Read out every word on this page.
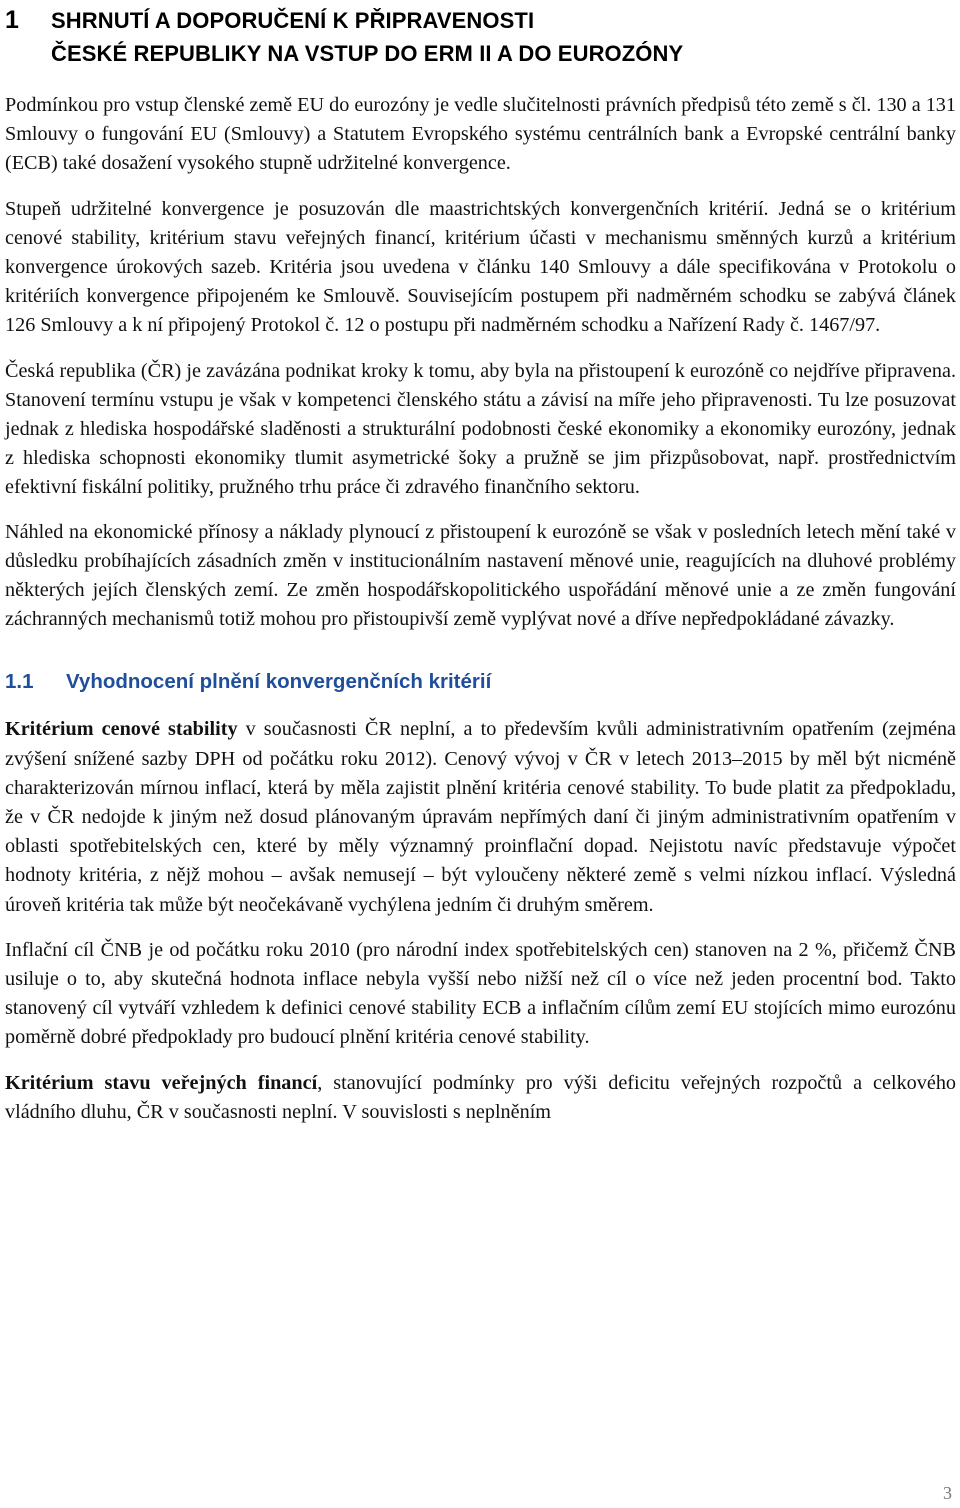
1 SHRNUTÍ A DOPORUČENÍ K PŘIPRAVENOSTI
ČESKÉ REPUBLIKY NA VSTUP DO ERM II A DO EUROZÓNY

Podmínkou pro vstup členské země EU do eurozóny je vedle slučitelnosti právních předpisů této země s čl. 130 a 131 Smlouvy o fungování EU (Smlouvy) a Statutem Evropského systému centrálních bank a Evropské centrální banky (ECB) také dosažení vysokého stupně udržitelné konvergence.

Stupeň udržitelné konvergence je posuzován dle maastrichtských konvergenčních kritérií. Jedná se o kritérium cenové stability, kritérium stavu veřejných financí, kritérium účasti v mechanismu směnných kurzů a kritérium konvergence úrokových sazeb. Kritéria jsou uvedena v článku 140 Smlouvy a dále specifikována v Protokolu o kritériích konvergence připojeném ke Smlouvě. Souvisejícím postupem při nadměrném schodku se zabývá článek 126 Smlouvy a k ní připojený Protokol č. 12 o postupu při nadměrném schodku a Nařízení Rady č. 1467/97.

Česká republika (ČR) je zavázána podnikat kroky k tomu, aby byla na přistoupení k eurozóně co nejdříve připravena. Stanovení termínu vstupu je však v kompetenci členského státu a závisí na míře jeho připravenosti. Tu lze posuzovat jednak z hlediska hospodářské sladěnosti a strukturální podobnosti české ekonomiky a ekonomiky eurozóny, jednak z hlediska schopnosti ekonomiky tlumit asymetrické šoky a pružně se jim přizpůsobovat, např. prostřednictvím efektivní fiskální politiky, pružného trhu práce či zdravého finančního sektoru.

Náhled na ekonomické přínosy a náklady plynoucí z přistoupení k eurozóně se však v posledních letech mění také v důsledku probíhajících zásadních změn v institucionálním nastavení měnové unie, reagujících na dluhové problémy některých jejích členských zemí. Ze změn hospodářskopolitického uspořádání měnové unie a ze změn fungování záchranných mechanismů totiž mohou pro přistoupivší země vyplývat nové a dříve nepředpokládané závazky.

1.1 Vyhodnocení plnění konvergenčních kritérií

Kritérium cenové stability v současnosti ČR neplní, a to především kvůli administrativním opatřením (zejména zvýšení snížené sazby DPH od počátku roku 2012). Cenový vývoj v ČR v letech 2013–2015 by měl být nicméně charakterizován mírnou inflací, která by měla zajistit plnění kritéria cenové stability. To bude platit za předpokladu, že v ČR nedojde k jiným než dosud plánovaným úpravám nepřímých daní či jiným administrativním opatřením v oblasti spotřebitelských cen, které by měly významný proinflační dopad. Nejistotu navíc představuje výpočet hodnoty kritéria, z nějž mohou – avšak nemusejí – být vyloučeny některé země s velmi nízkou inflací. Výsledná úroveň kritéria tak může být neočekávaně vychýlena jedním či druhým směrem.

Inflační cíl ČNB je od počátku roku 2010 (pro národní index spotřebitelských cen) stanoven na 2 %, přičemž ČNB usiluje o to, aby skutečná hodnota inflace nebyla vyšší nebo nižší než cíl o více než jeden procentní bod. Takto stanovený cíl vytváří vzhledem k definici cenové stability ECB a inflačním cílům zemí EU stojících mimo eurozónu poměrně dobré předpoklady pro budoucí plnění kritéria cenové stability.

Kritérium stavu veřejných financí, stanovující podmínky pro výši deficitu veřejných rozpočtů a celkového vládního dluhu, ČR v současnosti neplní. V souvislosti s neplněním

3
